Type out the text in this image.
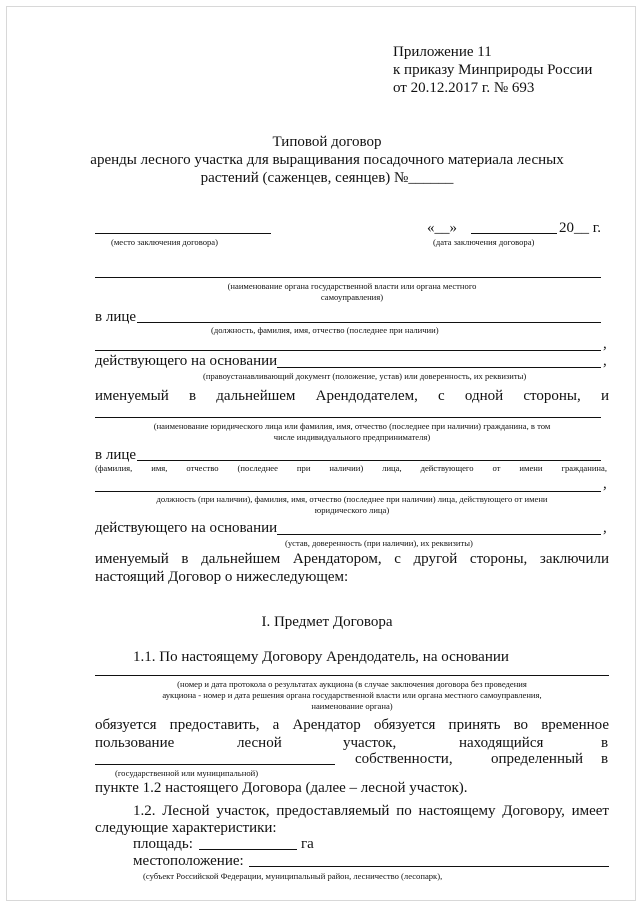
Приложение 11
к приказу Минприроды России
от 20.12.2017 г. № 693
Типовой договор
аренды лесного участка для выращивания посадочного материала лесных
растений (саженцев, сеянцев) №______
(место заключения договора)
«__»	20__ г.
(дата заключения договора)
(наименование органа государственной власти или органа местного
самоуправления)
в лице
(должность, фамилия, имя, отчество (последнее при наличии)
,
действующего на основании	,
(правоустанавливающий документ (положение, устав) или доверенность, их реквизиты)
именуемый в дальнейшем Арендодателем, с одной стороны, и
(наименование юридического лица или фамилия, имя, отчество (последнее при наличии) гражданина, в том
числе индивидуального предпринимателя)
в лице
(фамилия, имя, отчество (последнее при наличии) лица, действующего от имени гражданина,
,
должность (при наличии), фамилия, имя, отчество (последнее при наличии) лица, действующего от имени
юридического лица)
действующего на основании	,
(устав, доверенность (при наличии), их реквизиты)
именуемый в дальнейшем Арендатором, с другой стороны, заключили
настоящий Договор о нижеследующем:
I. Предмет Договора
1.1. По настоящему Договору Арендодатель, на основании
(номер и дата протокола о результатах аукциона (в случае заключения договора без проведения
аукциона - номер и дата решения органа государственной власти или органа местного самоуправления,
наименование органа)
обязуется предоставить, а Арендатор обязуется принять во временное
пользование	лесной	участок,	находящийся	в
собственности,	определенный в
(государственной или муниципальной)
пункте 1.2 настоящего Договора (далее – лесной участок).
1.2. Лесной участок, предоставляемый по настоящему Договору, имеет
следующие характеристики:
площадь:	га
местоположение:
(субъект Российской Федерации, муниципальный район, лесничество (лесопарк),
